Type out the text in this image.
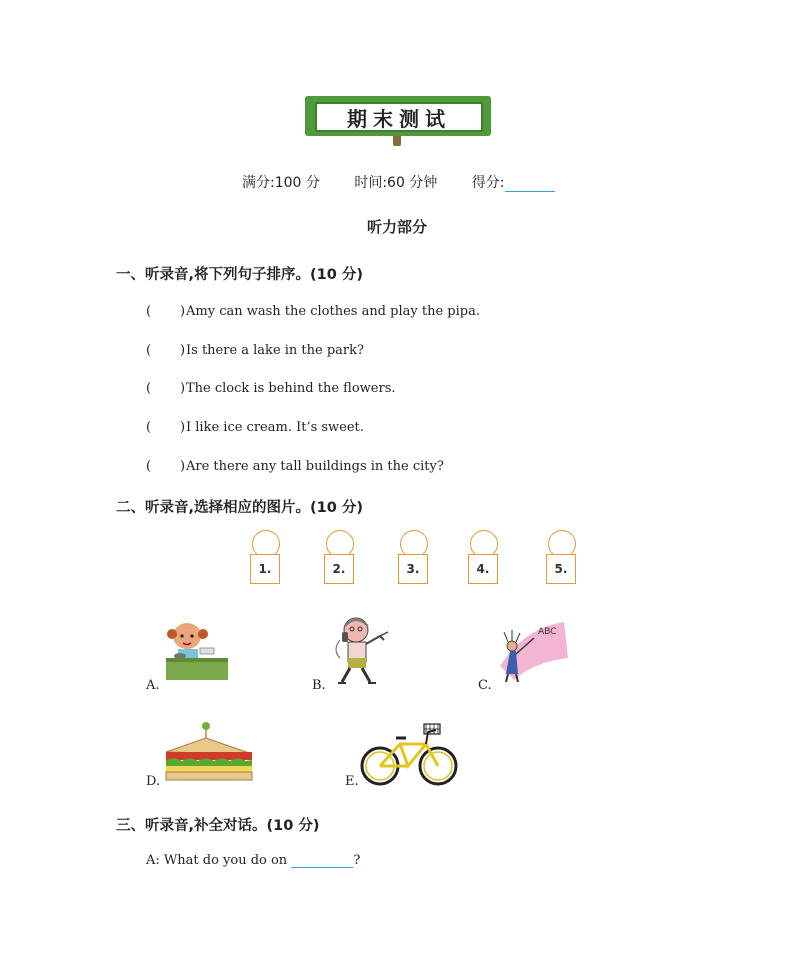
期末测试
满分:100 分 时间:60 分钟 得分:
听力部分
一、听录音,将下列句子排序。(10 分)
(       )Amy can wash the clothes and play the pipa.
(       )Is there a lake in the park?
(       )The clock is behind the flowers.
(       )I like ice cream. It’s sweet.
(       )Are there any tall buildings in the city?
二、听录音,选择相应的图片。(10 分)
1.	2.	3.	4.	5.
A.	B.	C.
ABC
D.	E.
三、听录音,补全对话。(10 分)
A: What do you do on	?
